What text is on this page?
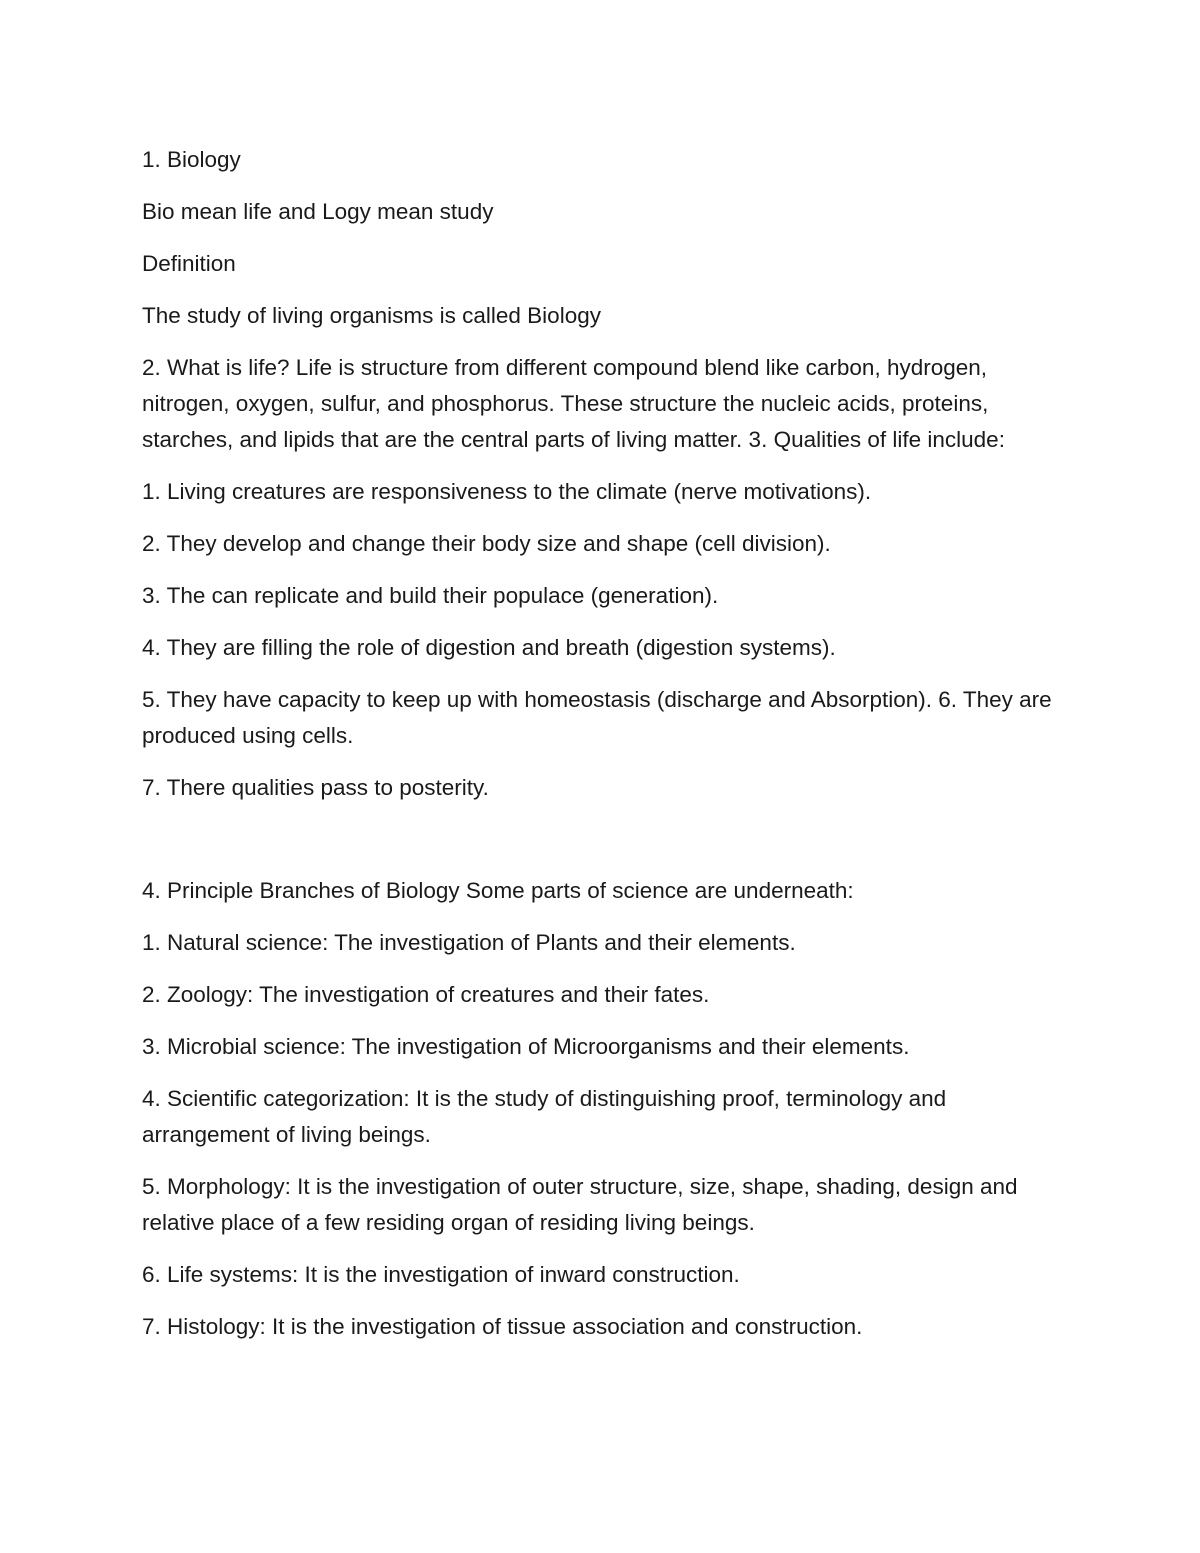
1. Biology

Bio mean life and Logy mean study

Definition

The study of living organisms is called Biology

2. What is life? Life is structure from different compound blend like carbon, hydrogen, nitrogen, oxygen, sulfur, and phosphorus. These structure the nucleic acids, proteins, starches, and lipids that are the central parts of living matter. 3. Qualities of life include:

1. Living creatures are responsiveness to the climate (nerve motivations).

2. They develop and change their body size and shape (cell division).

3. The can replicate and build their populace (generation).

4. They are filling the role of digestion and breath (digestion systems).

5. They have capacity to keep up with homeostasis (discharge and Absorption). 6. They are produced using cells.

7. There qualities pass to posterity.

4. Principle Branches of Biology Some parts of science are underneath:

1. Natural science: The investigation of Plants and their elements.

2. Zoology: The investigation of creatures and their fates.

3. Microbial science: The investigation of Microorganisms and their elements.

4. Scientific categorization: It is the study of distinguishing proof, terminology and arrangement of living beings.

5. Morphology: It is the investigation of outer structure, size, shape, shading, design and relative place of a few residing organ of residing living beings.

6. Life systems: It is the investigation of inward construction.

7. Histology: It is the investigation of tissue association and construction.
